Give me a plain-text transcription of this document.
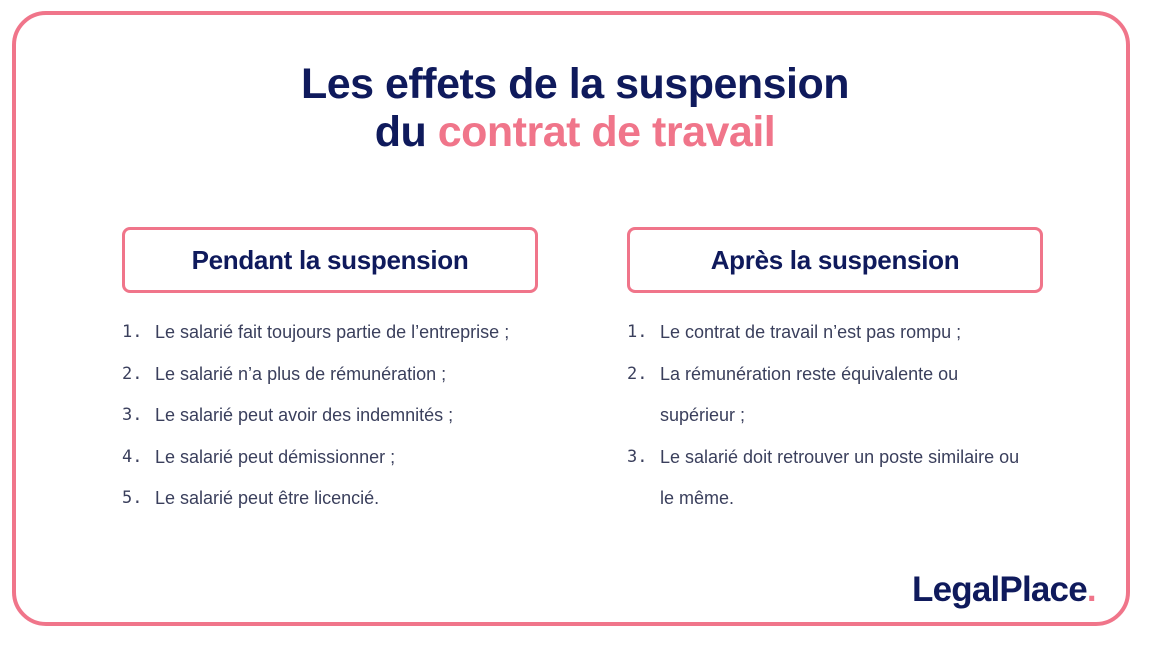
Les effets de la suspension
du contrat de travail
Pendant la suspension
1. Le salarié fait toujours partie de l’entreprise ;
2. Le salarié n’a plus de rémunération ;
3. Le salarié peut avoir des indemnités ;
4. Le salarié peut démissionner ;
5. Le salarié peut être licencié.
Après la suspension
1. Le contrat de travail n’est pas rompu ;
2. La rémunération reste équivalente ou supérieur ;
3. Le salarié doit retrouver un poste similaire ou le même.
LegalPlace.
